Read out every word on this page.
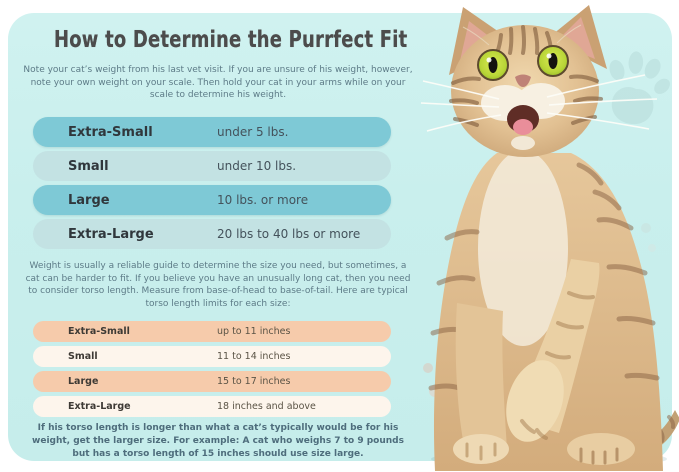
How to Determine the Purrfect Fit
Note your cat’s weight from his last vet visit. If you are unsure of his weight, however, note your own weight on your scale. Then hold your cat in your arms while on your scale to determine his weight.
Extra-Small	under 5 lbs.
Small	under 10 lbs.
Large	10 lbs. or more
Extra-Large	20 lbs to 40 lbs or more
Weight is usually a reliable guide to determine the size you need, but sometimes, a cat can be harder to fit. If you believe you have an unusually long cat, then you need to consider torso length. Measure from base-of-head to base-of-tail. Here are typical torso length limits for each size:
Extra-Small	up to 11 inches
Small	11 to 14 inches
Large	15 to 17 inches
Extra-Large	18 inches and above
If his torso length is longer than what a cat’s typically would be for his weight, get the larger size. For example: A cat who weighs 7 to 9 pounds but has a torso length of 15 inches should use size large.
